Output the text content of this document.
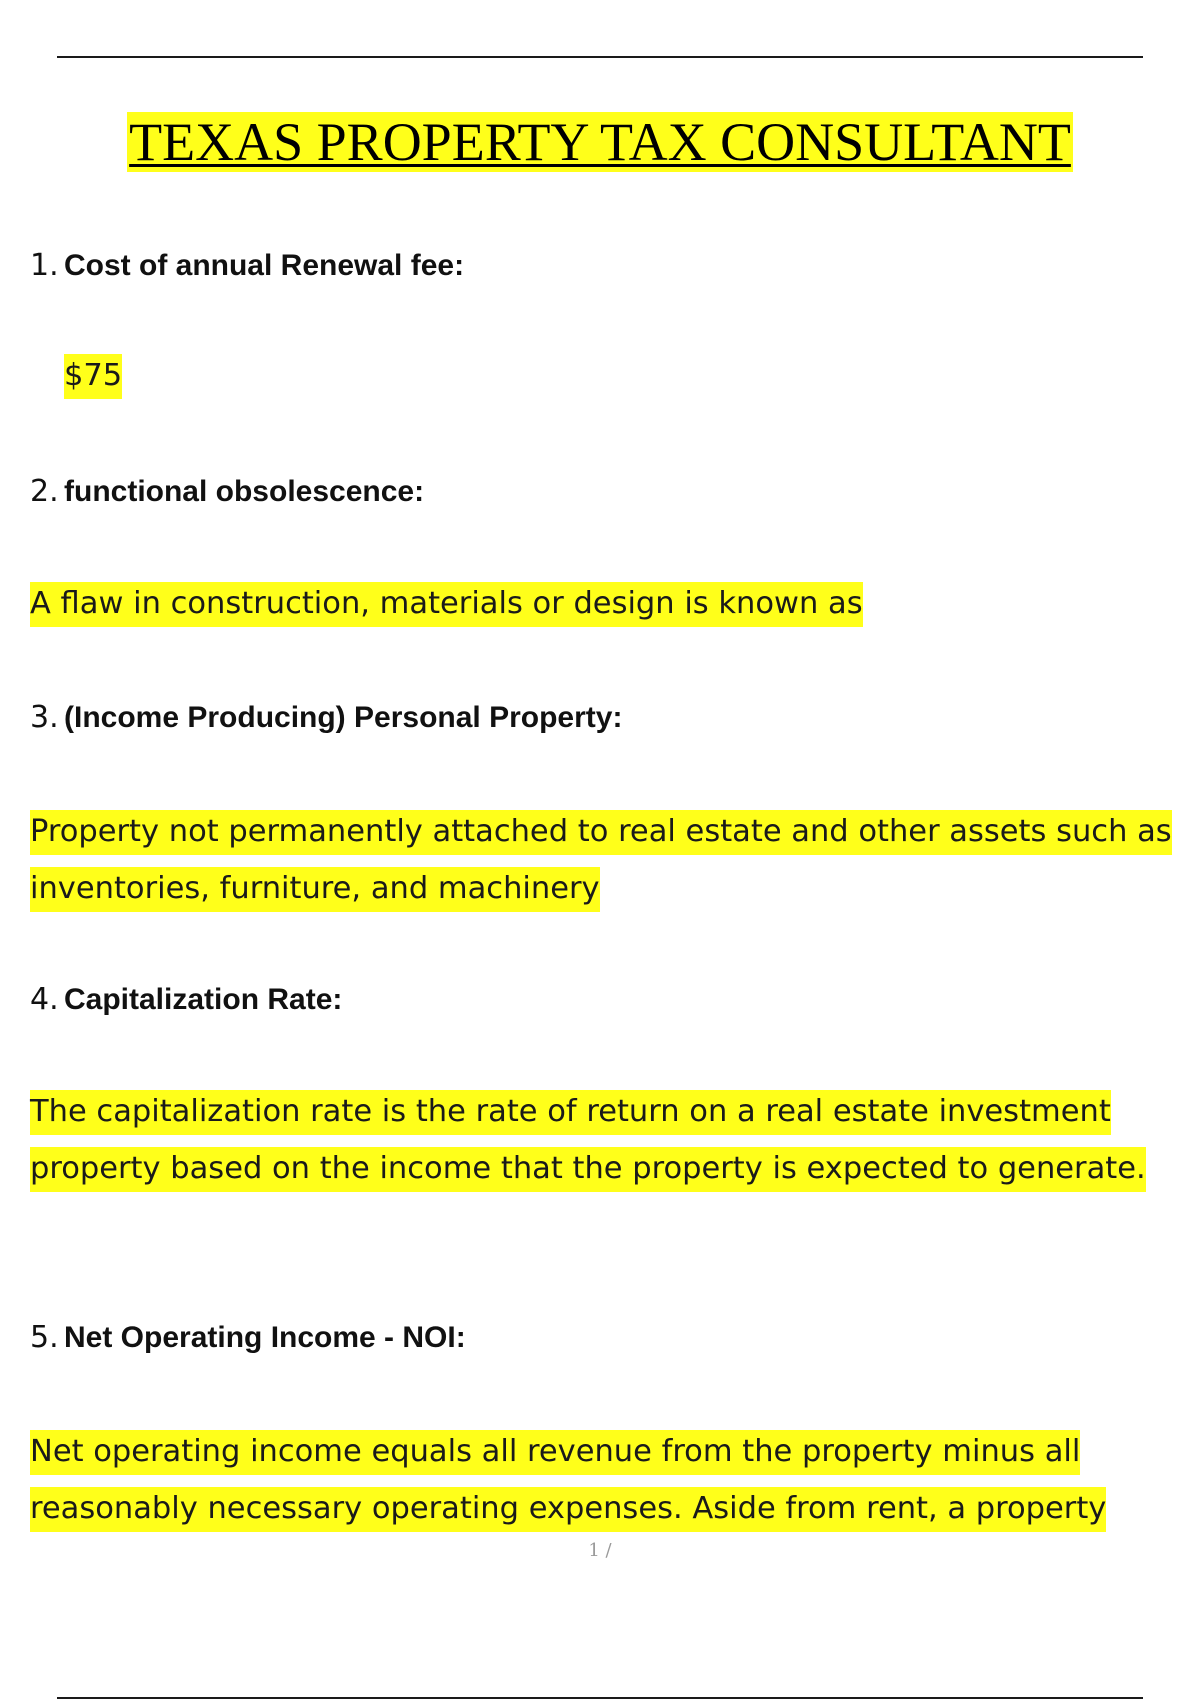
TEXAS PROPERTY TAX CONSULTANT
1. Cost of annual Renewal fee:
$75
2. functional obsolescence:
A flaw in construction, materials or design is known as
3. (Income Producing) Personal Property:
Property not permanently attached to real estate and other assets such as inventories, furniture, and machinery
4. Capitalization Rate:
The capitalization rate is the rate of return on a real estate investment property based on the income that the property is expected to generate.
5. Net Operating Income - NOI:
Net operating income equals all revenue from the property minus all reasonably necessary operating expenses. Aside from rent, a property
1 /
